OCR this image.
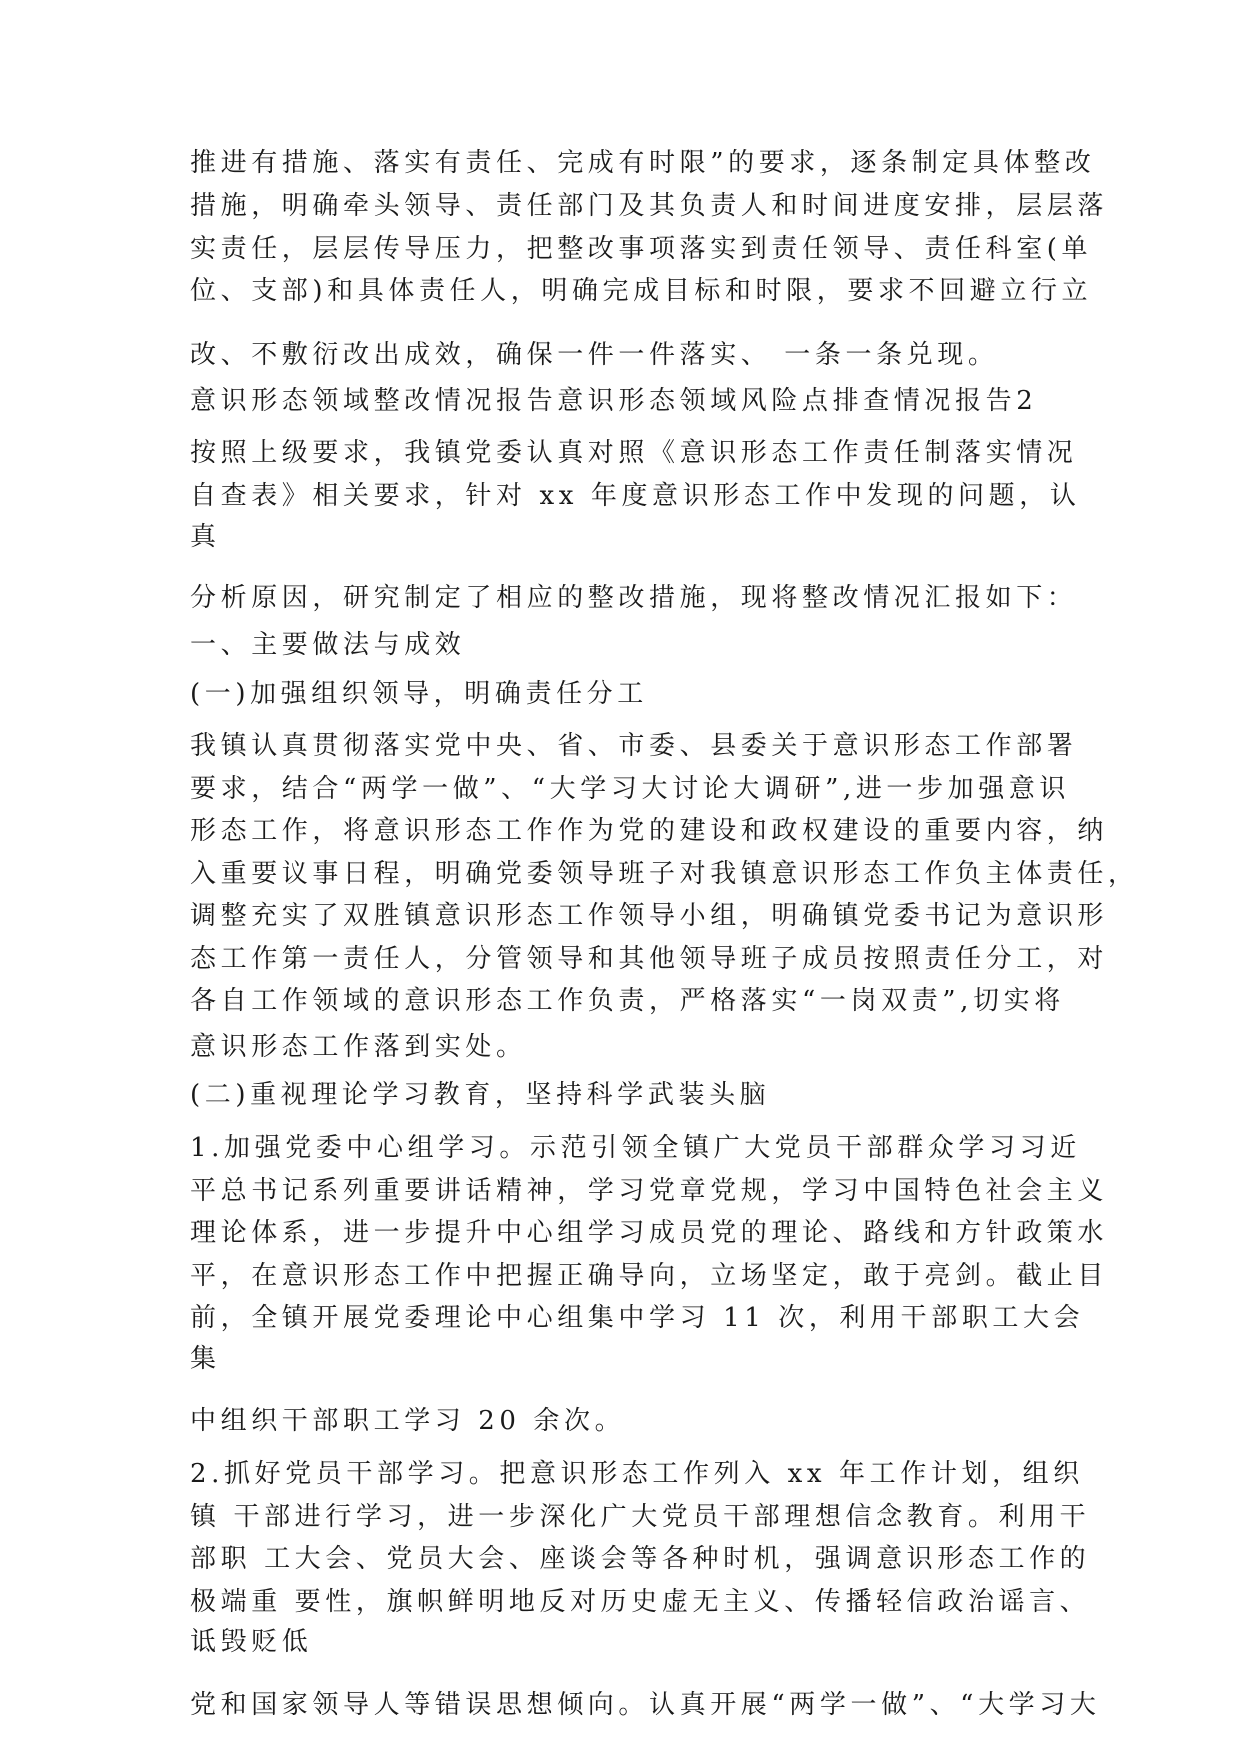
推进有措施、落实有责任、完成有时限”的要求，逐条制定具体整改

措施，明确牵头领导、责任部门及其负责人和时间进度安排，层层落

实责任，层层传导压力，把整改事项落实到责任领导、责任科室(单

位、支部)和具体责任人，明确完成目标和时限，要求不回避立行立

改、不敷衍改出成效，确保一件一件落实、 一条一条兑现。

意识形态领域整改情况报告意识形态领域风险点排查情况报告2

按照上级要求，我镇党委认真对照《意识形态工作责任制落实情况

自查表》相关要求，针对 xx 年度意识形态工作中发现的问题，认

真

分析原因，研究制定了相应的整改措施，现将整改情况汇报如下：

一、主要做法与成效

(一)加强组织领导，明确责任分工

我镇认真贯彻落实党中央、省、市委、县委关于意识形态工作部署

要求，结合“两学一做”、“大学习大讨论大调研”,进一步加强意识

形态工作，将意识形态工作作为党的建设和政权建设的重要内容，纳

入重要议事日程，明确党委领导班子对我镇意识形态工作负主体责任，

调整充实了双胜镇意识形态工作领导小组，明确镇党委书记为意识形

态工作第一责任人，分管领导和其他领导班子成员按照责任分工，对

各自工作领域的意识形态工作负责，严格落实“一岗双责”,切实将

意识形态工作落到实处。

(二)重视理论学习教育，坚持科学武装头脑

1.加强党委中心组学习。示范引领全镇广大党员干部群众学习习近

平总书记系列重要讲话精神，学习党章党规，学习中国特色社会主义

理论体系，进一步提升中心组学习成员党的理论、路线和方针政策水

平，在意识形态工作中把握正确导向，立场坚定，敢于亮剑。截止目

前，全镇开展党委理论中心组集中学习 11 次，利用干部职工大会

集

中组织干部职工学习 20 余次。

2.抓好党员干部学习。把意识形态工作列入 xx 年工作计划，组织

镇 干部进行学习，进一步深化广大党员干部理想信念教育。利用干

部职 工大会、党员大会、座谈会等各种时机，强调意识形态工作的

极端重 要性，旗帜鲜明地反对历史虚无主义、传播轻信政治谣言、

诋毁贬低

党和国家领导人等错误思想倾向。认真开展“两学一做”、“大学习大
